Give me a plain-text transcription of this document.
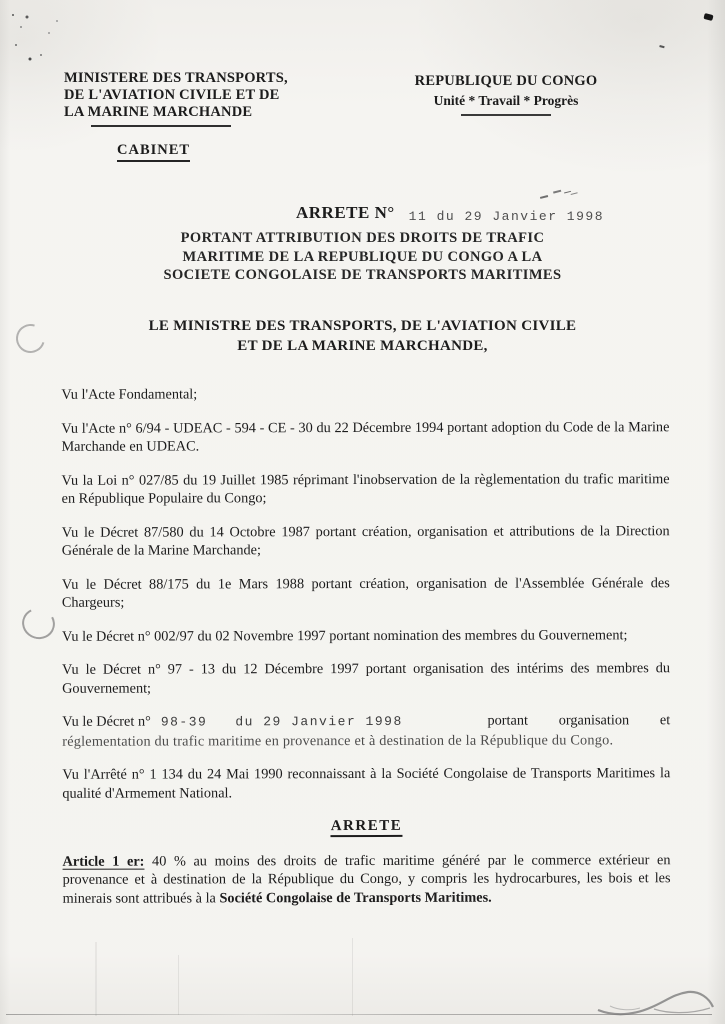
MINISTERE DES TRANSPORTS,
DE L'AVIATION CIVILE ET DE
LA MARINE MARCHANDE
CABINET
REPUBLIQUE DU CONGO
Unité * Travail * Progrès
ARRETE N° 11 du 29 Janvier 1998
PORTANT ATTRIBUTION DES DROITS DE TRAFIC
MARITIME DE LA REPUBLIQUE DU CONGO A LA
SOCIETE CONGOLAISE DE TRANSPORTS MARITIMES
LE MINISTRE DES TRANSPORTS, DE L'AVIATION CIVILE
ET DE LA MARINE MARCHANDE,

Vu l'Acte Fondamental;

Vu l'Acte n° 6/94 - UDEAC - 594 - CE - 30 du 22 Décembre 1994 portant adoption du Code de la Marine Marchande en UDEAC.

Vu la Loi n° 027/85 du 19 Juillet 1985 réprimant l'inobservation de la règlementation du trafic maritime en République Populaire du Congo;

Vu le Décret 87/580 du 14 Octobre 1987 portant création, organisation et attributions de la Direction Générale de la Marine Marchande;

Vu le Décret 88/175 du 1e Mars 1988 portant création, organisation de l'Assemblée Générale des Chargeurs;

Vu le Décret n° 002/97 du 02 Novembre 1997 portant nomination des membres du Gouvernement;

Vu le Décret n° 97 - 13 du 12 Décembre 1997 portant organisation des intérims des membres du Gouvernement;

Vu le Décret n° 98-39 du 29 Janvier 1998	portant organisation et
réglementation du trafic maritime en provenance et à destination de la République du Congo.

Vu l'Arrêté n° 1 134 du 24 Mai 1990 reconnaissant à la Société Congolaise de Transports Maritimes la qualité d'Armement National.

ARRETE

Article 1 er: 40 % au moins des droits de trafic maritime généré par le commerce extérieur en provenance et à destination de la République du Congo, y compris les hydrocarbures, les bois et les minerais sont attribués à la Société Congolaise de Transports Maritimes.
